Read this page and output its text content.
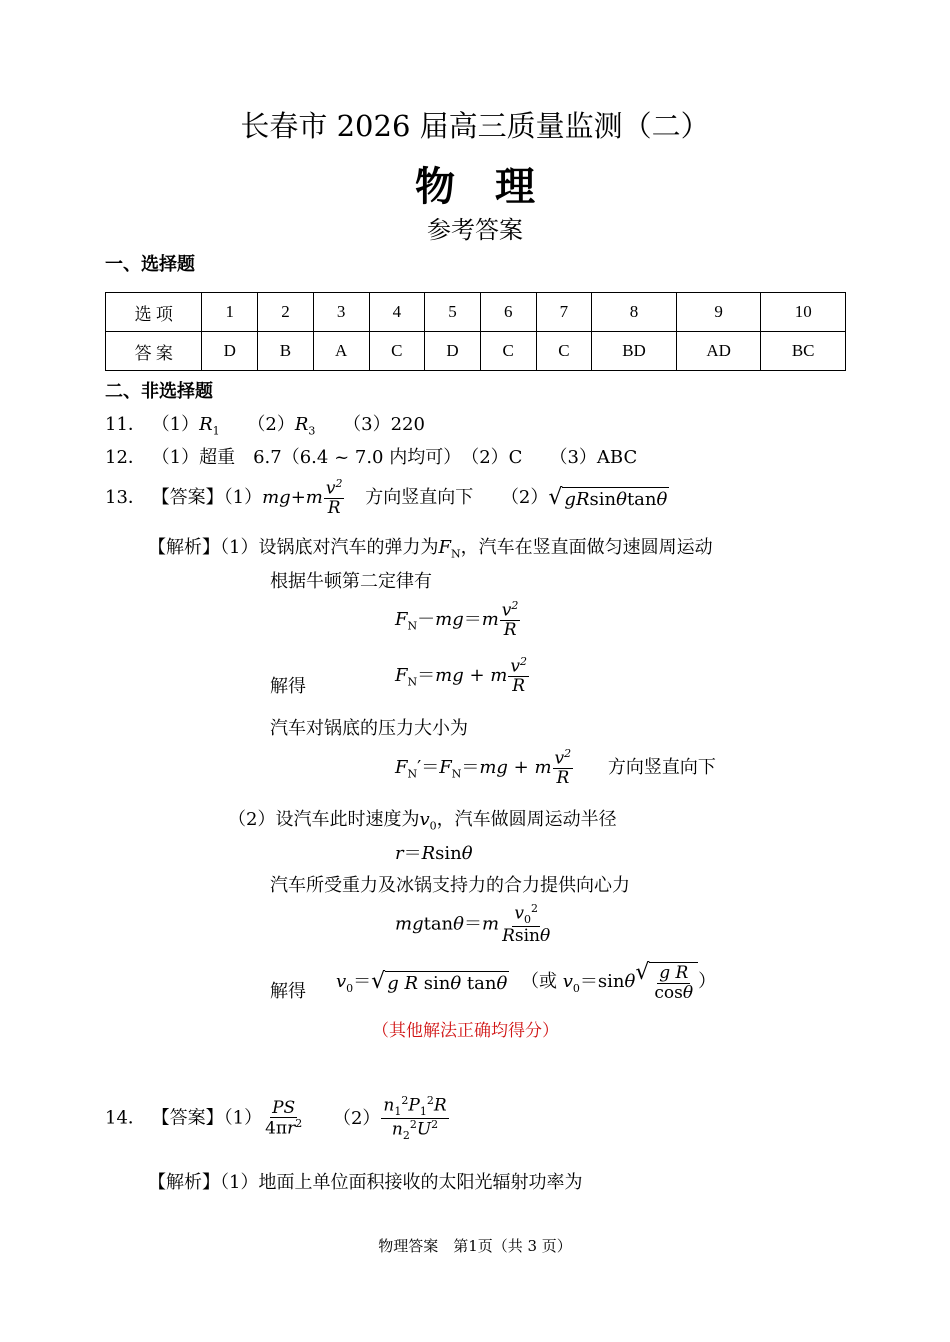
长春市 2026 届高三质量监测（二）
物　理
参考答案
一、选择题
选 项	1	2	3	4	5	6	7	8	9	10
答 案	D	B	A	C	D	C	C	BD	AD	BC
二、非选择题
11． $(1)R_1$ $(2)R_3$ （3）220
12． （1）超重　6.7（6.4 ~ 7.0 内均可）　（2）C　　（3）ABC
13． 【答案】$(1)mg+m \frac{v^2}{R}$ 方向竖直向下 （2） √ gRsinθtanθ
【解析】（1）设锅底对汽车的弹力为$F_N$，汽车在竖直面做匀速圆周运动
根据牛顿第二定律有
$F_N-mg=m \frac{v^2}{R}$
解得
$F_N=mg + m \frac{v^2}{R}$
汽车对锅底的压力大小为
$F_N'=F_N=mg + m \frac{v^2}{R}$ 方向竖直向下
（2）设汽车此时速度为$v_0$，汽车做圆周运动半径
r＝Rsinθ
汽车所受重力及冰锅支持力的合力提供向心力
$mgtan\theta=m \frac{v_0^2}{Rsin\theta}$
解得 $v_0=$ √ g R sinθ tanθ （或 $v_0=\sin\theta$ √ $\frac{\text{g R}}{\cos\theta}$ ）
（其他解法正确均得分）
14． 【答案】$(1) \frac{PS}{4\pi r^2} (2) \frac{n_1^2P_1^2R}{n_2^2U^2}$
【解析】（1）地面上单位面积接收的太阳光辐射功率为
物理答案　第1页（共 3 页）
